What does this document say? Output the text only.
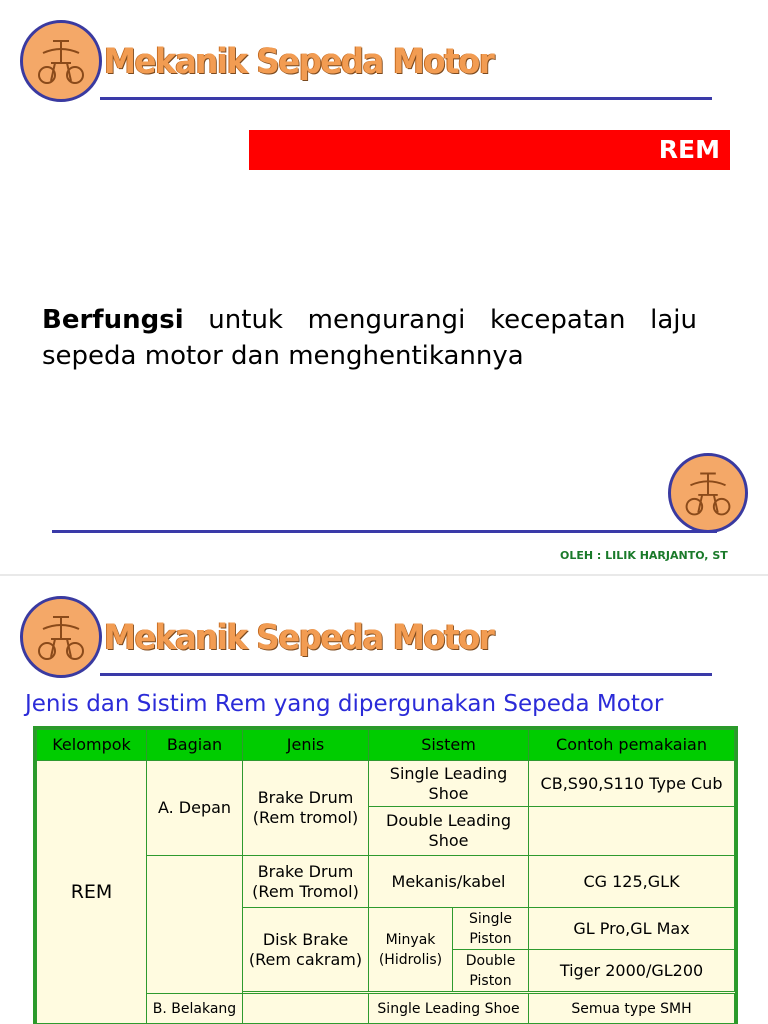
Mekanik Sepeda Motor
REM
Berfungsi untuk mengurangi kecepatan laju sepeda motor dan menghentikannya
OLEH : LILIK HARJANTO, ST
Mekanik Sepeda Motor

Jenis dan Sistim Rem yang dipergunakan Sepeda Motor

Kelompok	Bagian	Jenis	Sistem		Contoh pemakaian
REM	A. Depan	Brake Drum (Rem tromol)	Single Leading Shoe		CB,S90,S110 Type Cub
			Double Leading Shoe		
		Brake Drum (Rem Tromol)	Mekanis/kabel		CG 125,GLK
		Disk Brake (Rem cakram)	Minyak (Hidrolis)	Single Piston	GL Pro,GL Max
				Double Piston	Tiger 2000/GL200

	B. Belakang		Single Leading Shoe		Semua type SMH
